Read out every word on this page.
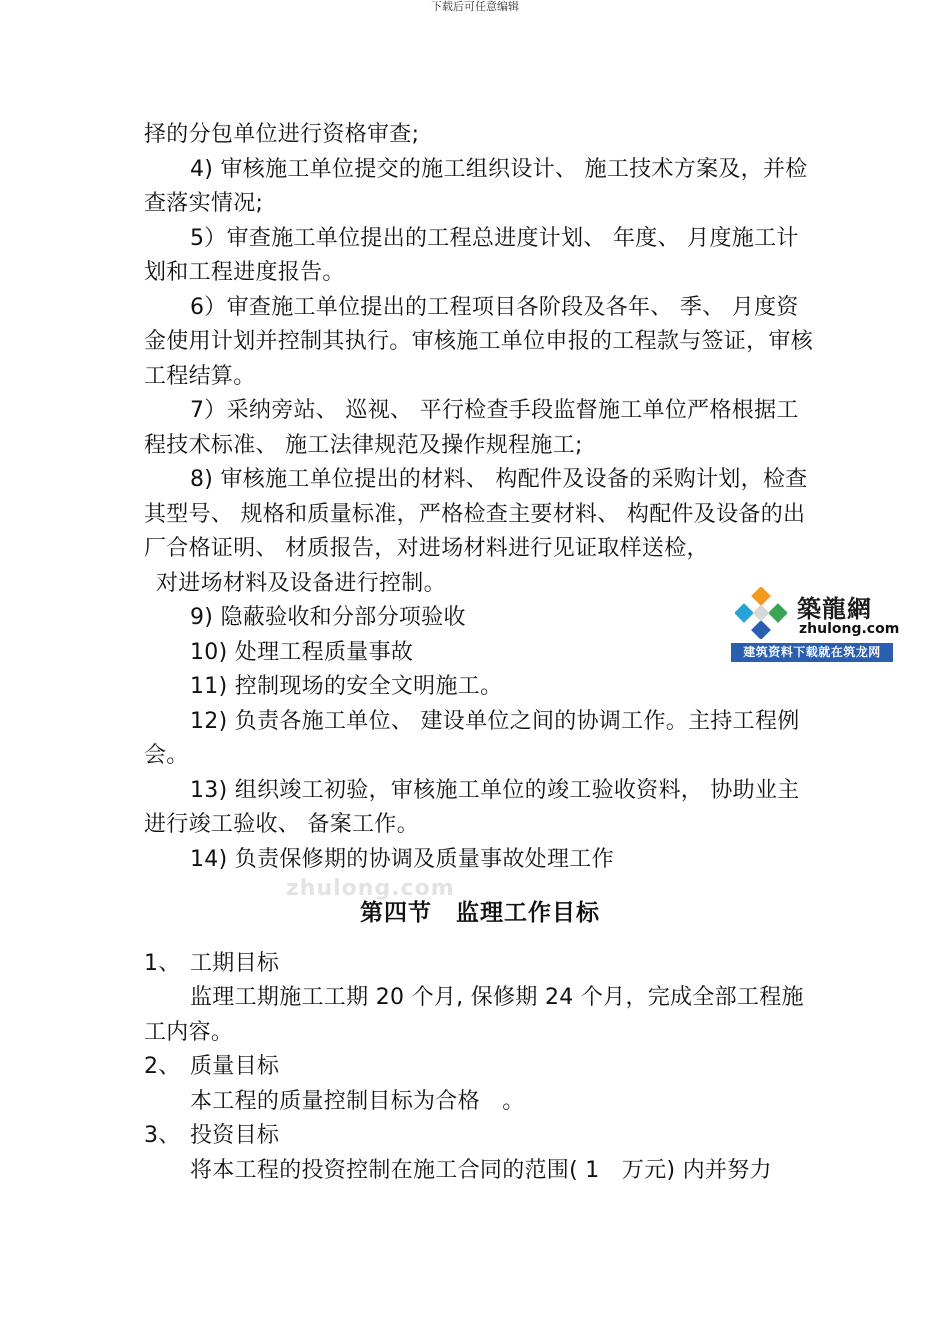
下载后可任意编辑

择的分包单位进行资格审查;

4) 审核施工单位提交的施工组织设计、 施工技术方案及，并检查落实情况;

5）审查施工单位提出的工程总进度计划、 年度、 月度施工计划和工程进度报告。

6）审查施工单位提出的工程项目各阶段及各年、 季、 月度资金使用计划并控制其执行。审核施工单位申报的工程款与签证，审核工程结算。

7）采纳旁站、 巡视、 平行检查手段监督施工单位严格根据工程技术标准、 施工法律规范及操作规程施工;

8) 审核施工单位提出的材料、 构配件及设备的采购计划，检查其型号、 规格和质量标准，严格检查主要材料、 构配件及设备的出厂合格证明、 材质报告，对进场材料进行见证取样送检，

对进场材料及设备进行控制。

9) 隐蔽验收和分部分项验收

10) 处理工程质量事故

11) 控制现场的安全文明施工。

12) 负责各施工单位、 建设单位之间的协调工作。主持工程例会。

13) 组织竣工初验，审核施工单位的竣工验收资料， 协助业主进行竣工验收、 备案工作。

14) 负责保修期的协调及质量事故处理工作

第四节　监理工作目标
1、 工期目标

监理工期施工工期 20 个月, 保修期 24 个月，完成全部工程施工内容。

2、 质量目标

本工程的质量控制目标为合格　。

3、 投资目标

将本工程的投资控制在施工合同的范围( 1　万元) 内并努力

築龍網
zhulong.com
建筑资料下载就在筑龙网
zhulong.com
